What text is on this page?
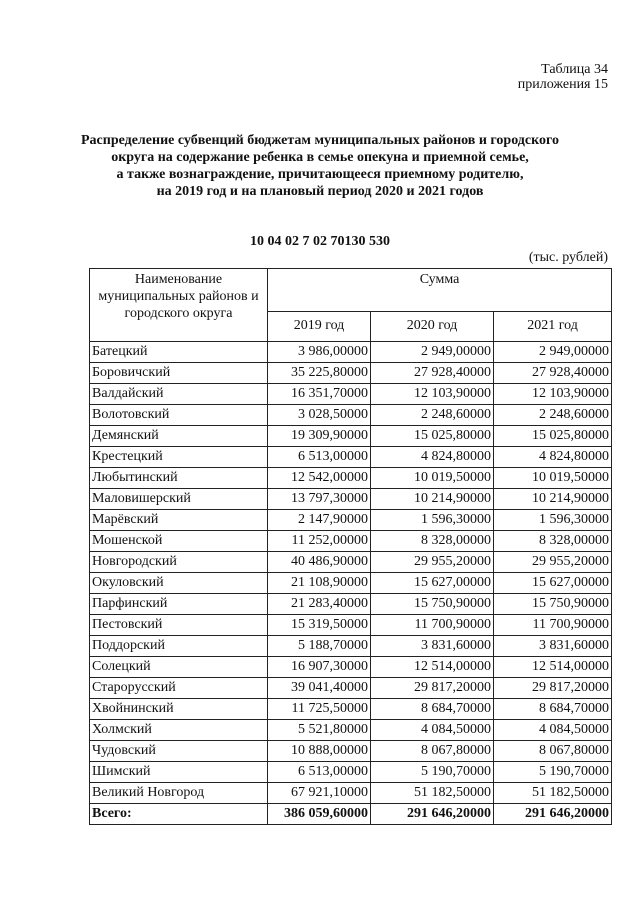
Таблица 34
приложения 15
Распределение субвенций бюджетам муниципальных районов и городского
округа на содержание ребенка в семье опекуна и приемной семье,
а также вознаграждение, причитающееся приемному родителю,
на 2019 год и на плановый период 2020 и 2021 годов
10 04 02 7 02 70130 530
(тыс. рублей)
Наименование муниципальных районов и городского округа	Сумма		
	2019 год	2020 год	2021 год
Батецкий	3 986,00000	2 949,00000	2 949,00000
Боровичский	35 225,80000	27 928,40000	27 928,40000
Валдайский	16 351,70000	12 103,90000	12 103,90000
Волотовский	3 028,50000	2 248,60000	2 248,60000
Демянский	19 309,90000	15 025,80000	15 025,80000
Крестецкий	6 513,00000	4 824,80000	4 824,80000
Любытинский	12 542,00000	10 019,50000	10 019,50000
Маловишерский	13 797,30000	10 214,90000	10 214,90000
Марёвский	2 147,90000	1 596,30000	1 596,30000
Мошенской	11 252,00000	8 328,00000	8 328,00000
Новгородский	40 486,90000	29 955,20000	29 955,20000
Окуловский	21 108,90000	15 627,00000	15 627,00000
Парфинский	21 283,40000	15 750,90000	15 750,90000
Пестовский	15 319,50000	11 700,90000	11 700,90000
Поддорский	5 188,70000	3 831,60000	3 831,60000
Солецкий	16 907,30000	12 514,00000	12 514,00000
Старорусский	39 041,40000	29 817,20000	29 817,20000
Хвойнинский	11 725,50000	8 684,70000	8 684,70000
Холмский	5 521,80000	4 084,50000	4 084,50000
Чудовский	10 888,00000	8 067,80000	8 067,80000
Шимский	6 513,00000	5 190,70000	5 190,70000
Великий Новгород	67 921,10000	51 182,50000	51 182,50000
Всего:	386 059,60000	291 646,20000	291 646,20000
